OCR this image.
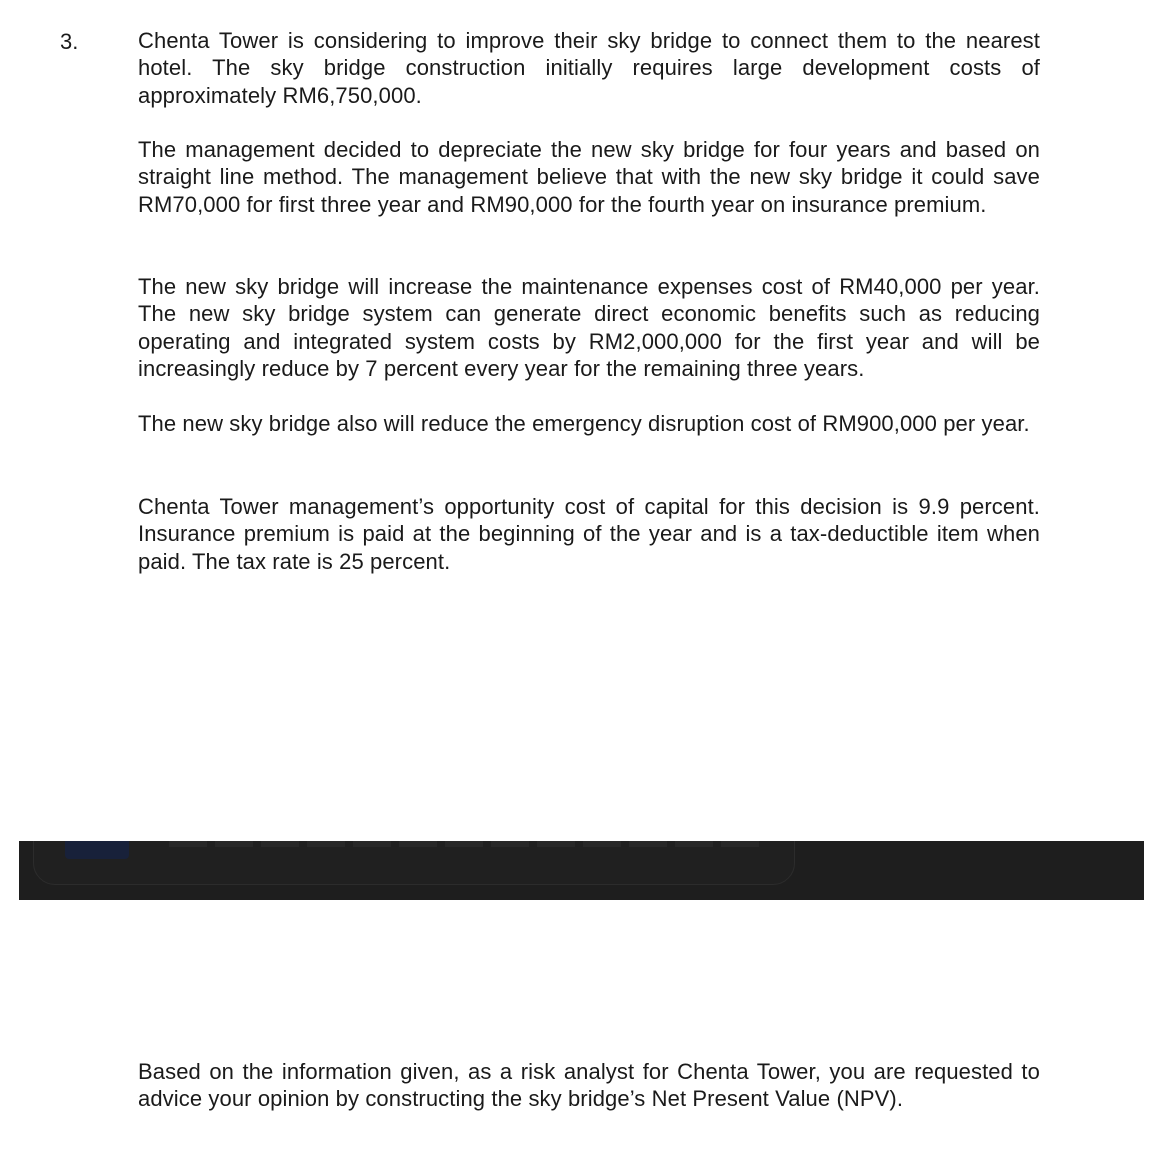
3.	Chenta Tower is considering to improve their sky bridge to connect them to the nearest hotel. The sky bridge construction initially requires large development costs of approximately RM6,750,000.

The management decided to depreciate the new sky bridge for four years and based on straight line method. The management believe that with the new sky bridge it could save RM70,000 for first three year and RM90,000 for the fourth year on insurance premium.

The new sky bridge will increase the maintenance expenses cost of RM40,000 per year. The new sky bridge system can generate direct economic benefits such as reducing operating and integrated system costs by RM2,000,000 for the first year and will be increasingly reduce by 7 percent every year for the remaining three years.

The new sky bridge also will reduce the emergency disruption cost of RM900,000 per year.

Chenta Tower management’s opportunity cost of capital for this decision is 9.9 percent. Insurance premium is paid at the beginning of the year and is a tax-deductible item when paid. The tax rate is 25 percent.

Based on the information given, as a risk analyst for Chenta Tower, you are requested to advice your opinion by constructing the sky bridge’s Net Present Value (NPV).
